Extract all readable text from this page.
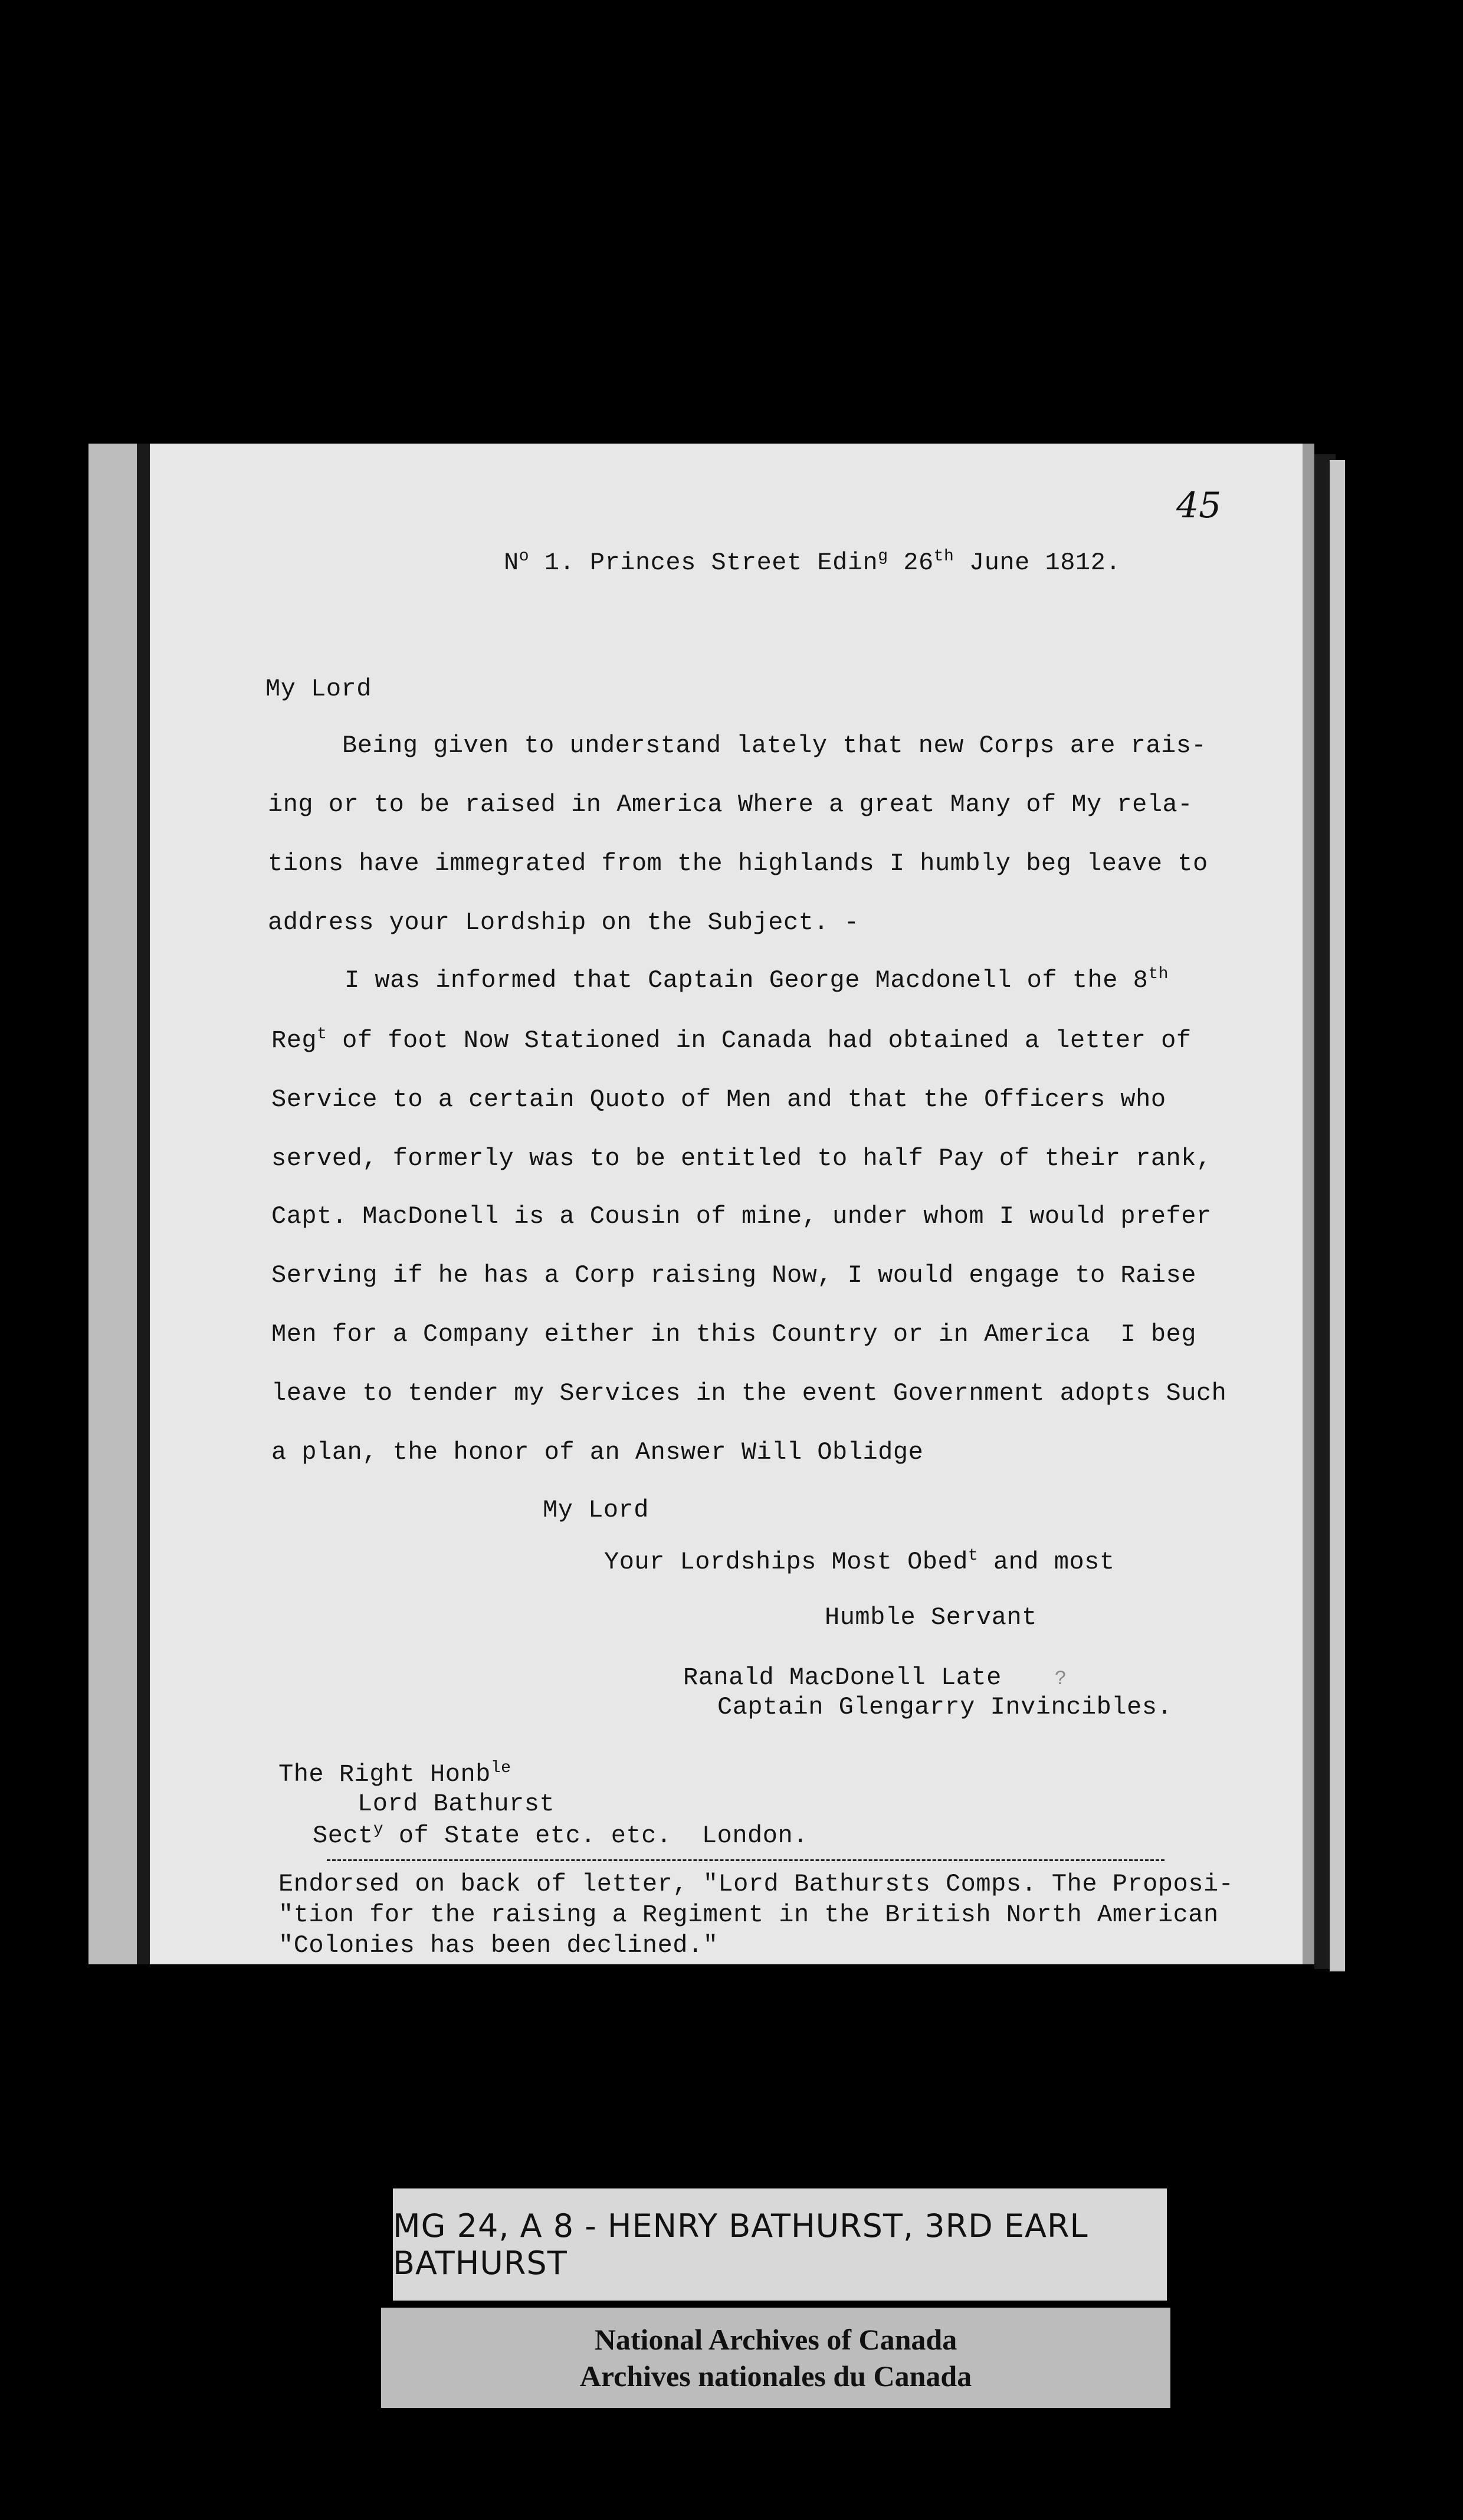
45
$N^o$ 1. Princes Street Edin$^g$ 26th June 1812.
My Lord
Being given to understand lately that new Corps are rais-
ing or to be raised in America Where a great Many of My rela-
tions have immegrated from the highlands I humbly beg leave to
address your Lordship on the Subject. -
I was informed that Captain George Macdonell of the 8th
Reg$^t$ of foot Now Stationed in Canada had obtained a letter of
Service to a certain Quoto of Men and that the Officers who
served, formerly was to be entitled to half Pay of their rank,
Capt. MacDonell is a Cousin of mine, under whom I would prefer
Serving if he has a Corp raising Now, I would engage to Raise
Men for a Company either in this Country or in America  I beg
leave to tender my Services in the event Government adopts Such
a plan, the honor of an Answer Will Oblidge
My Lord
Your Lordships Most Obed$^t$ and most
Humble Servant
Ranald MacDonell Late	?
Captain Glengarry Invincibles.
The Right Honb$^{le}$
Lord Bathurst
Sect$^y$ of State etc. etc.  London.
Endorsed on back of letter, "Lord Bathursts Comps. The Proposi-
"tion for the raising a Regiment in the British North American
"Colonies has been declined."
MG 24, A 8 - HENRY BATHURST, 3RD EARL BATHURST
National Archives of Canada
Archives nationales du Canada
